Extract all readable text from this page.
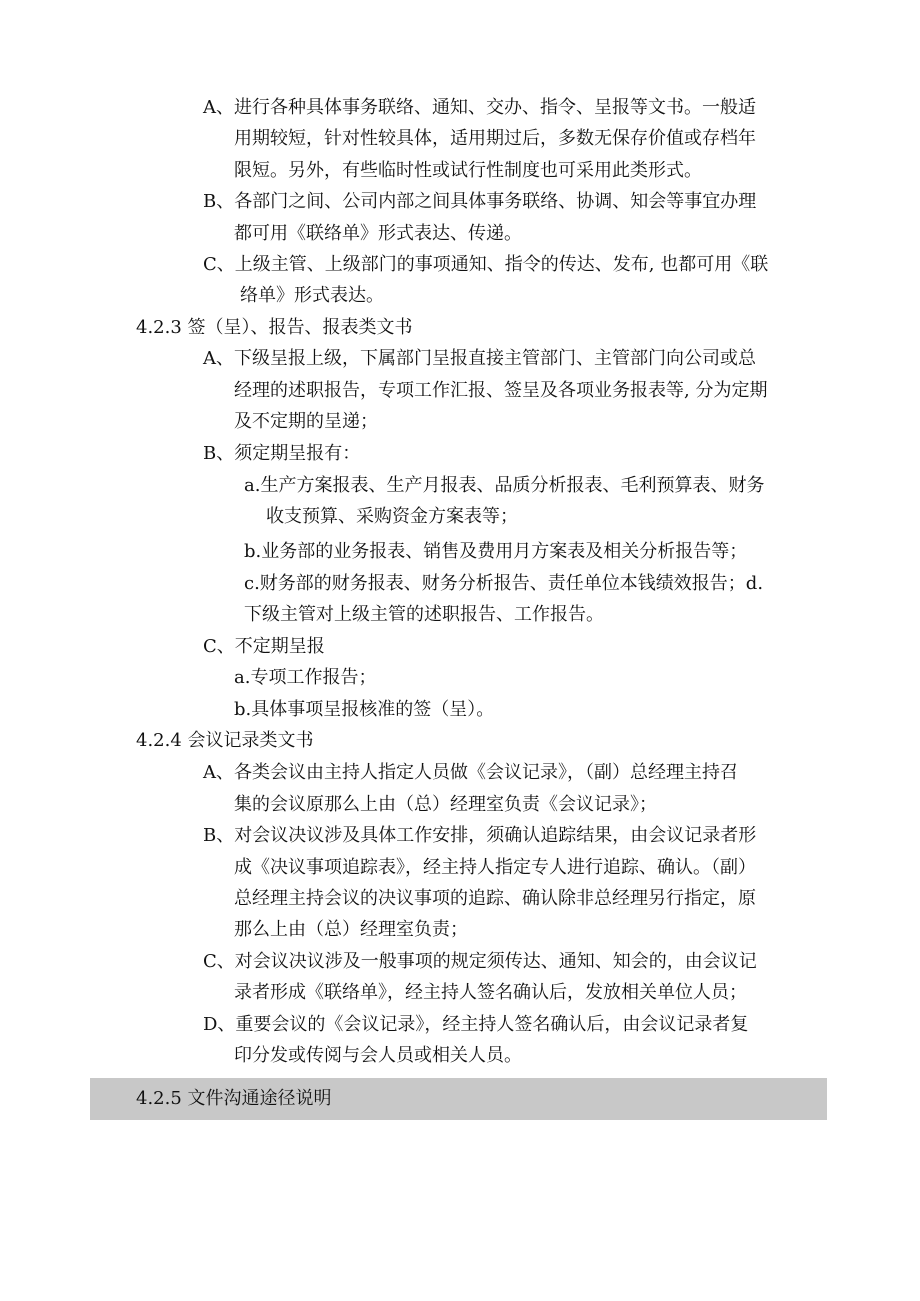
A、进行各种具体事务联络、通知、交办、指令、呈报等文书。一般适
用期较短，针对性较具体，适用期过后，多数无保存价值或存档年
限短。另外，有些临时性或试行性制度也可采用此类形式。
B、各部门之间、公司内部之间具体事务联络、协调、知会等事宜办理
都可用《联络单》形式表达、传递。
C、上级主管、上级部门的事项通知、指令的传达、发布, 也都可用《联
络单》形式表达。
4.2.3 签（呈）、报告、报表类文书
A、下级呈报上级，下属部门呈报直接主管部门、主管部门向公司或总
经理的述职报告，专项工作汇报、签呈及各项业务报表等, 分为定期
及不定期的呈递；
B、须定期呈报有：
a.生产方案报表、生产月报表、品质分析报表、毛利预算表、财务
收支预算、采购资金方案表等；
b.业务部的业务报表、销售及费用月方案表及相关分析报告等；
c.财务部的财务报表、财务分析报告、责任单位本钱绩效报告；d.
下级主管对上级主管的述职报告、工作报告。
C、不定期呈报
a.专项工作报告；
b.具体事项呈报核准的签（呈）。
4.2.4 会议记录类文书
A、各类会议由主持人指定人员做《会议记录》，（副）总经理主持召
集的会议原那么上由（总）经理室负责《会议记录》；
B、对会议决议涉及具体工作安排，须确认追踪结果，由会议记录者形
成《决议事项追踪表》，经主持人指定专人进行追踪、确认。（副）
总经理主持会议的决议事项的追踪、确认除非总经理另行指定，原
那么上由（总）经理室负责；
C、对会议决议涉及一般事项的规定须传达、通知、知会的，由会议记
录者形成《联络单》，经主持人签名确认后，发放相关单位人员；
D、重要会议的《会议记录》，经主持人签名确认后，由会议记录者复
印分发或传阅与会人员或相关人员。
4.2.5 文件沟通途径说明
